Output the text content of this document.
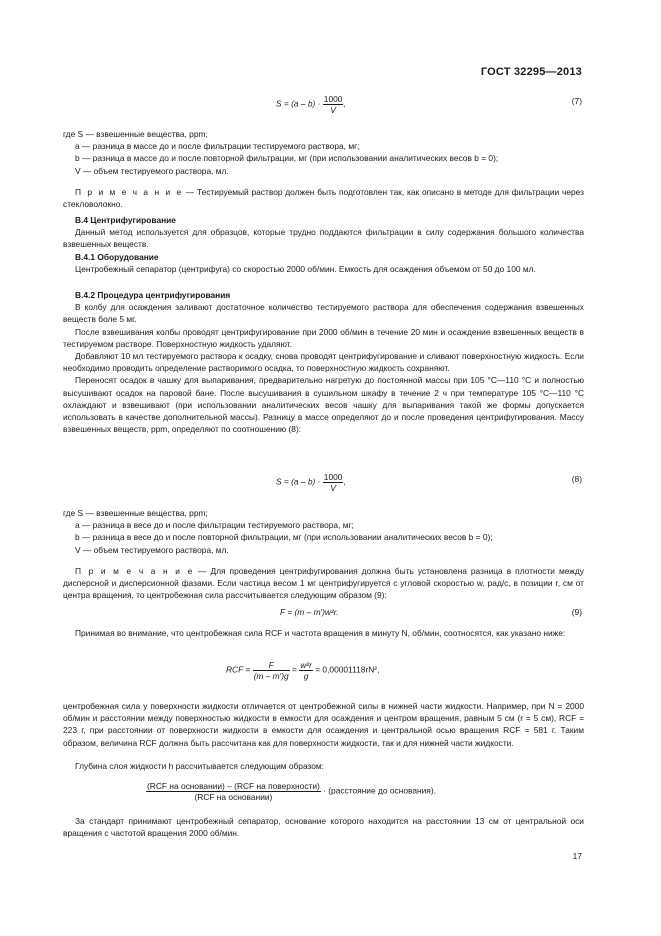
ГОСТ 32295—2013
$S = (a - b) \cdot \frac{1000}{V}$ ,	(7)
где S — взвешенные вещества, ppm;
a — разница в массе до и после фильтрации тестируемого раствора, мг;
b — разница в массе до и после повторной фильтрации, мг (при использовании аналитических весов b = 0);
V — объем тестируемого раствора, мл.
П р и м е ч а н и е — Тестируемый раствор должен быть подготовлен так, как описано в методе для фильтрации через стекловолокно.
В.4 Центрифугирование
Данный метод используется для образцов, которые трудно поддаются фильтрации в силу содержания большого количества взвешенных веществ.
В.4.1 Оборудование
Центробежный сепаратор (центрифуга) со скоростью 2000 об/мин. Емкость для осаждения объемом от 50 до 100 мл.
В.4.2 Процедура центрифугирования
В колбу для осаждения заливают достаточное количество тестируемого раствора для обеспечения содержания взвешенных веществ боле 5 мг.
После взвешивания колбы проводят центрифугирование при 2000 об/мин в течение 20 мин и осаждение взвешенных веществ в тестируемом растворе. Поверхностную жидкость удаляют.
Добавляют 10 мл тестируемого раствора к осадку, снова проводят центрифугирование и сливают поверхностную жидкость. Если необходимо проводить определение растворимого осадка, то поверхностную жидкость сохраняют.
Переносят осадок в чашку для выпаривания, предварительно нагретую до постоянной массы при 105 °С—110 °С и полностью высушивают осадок на паровой бане. После высушивания в сушильном шкафу в течение 2 ч при температуре 105 °С—110 °С охлаждают и взвешивают (при использовании аналитических весов чашку для выпаривания такой же формы допускается использовать в качестве дополнительной массы). Разницу в массе определяют до и после проведения центрифугирования. Массу взвешенных веществ, ppm, определяют по соотношению (8):
$S = (a - b) \cdot \frac{1000}{V}$ ,	(8)
где S — взвешенные вещества, ppm;
a — разница в весе до и после фильтрации тестируемого раствора, мг;
b — разница в весе до и после повторной фильтрации, мг (при использовании аналитических весов b = 0);
V — объем тестируемого раствора, мл.
П р и м е ч а н и е — Для проведения центрифугирования должна быть установлена разница в плотности между дисперсной и дисперсионной фазами. Если частица весом 1 мг центрифугируется с угловой скоростью w, рад/с, в позиции r, см от центра вращения, то центробежная сила рассчитывается следующим образом (9):
F = (m – m′)w²r.	(9)
Принимая во внимание, что центробежная сила RCF и частота вращения в минуту N, об/мин, соотносятся, как указано ниже:
RCF = $\frac{F}{(m - m')g} = \frac{\text{w²r}}{g} = 0,00001118rN^2$,
центробежная сила у поверхности жидкости отличается от центробежной силы в нижней части жидкости. Например, при N = 2000 об/мин и расстоянии между поверхностью жидкости в емкости для осаждения и центром вращения, равным 5 см (r = 5 см), RCF = 223 г, при расстоянии от поверхности жидкости в емкости для осаждения и центральной осью вращения RCF = 581 г. Таким образом, величина RCF должна быть рассчитана как для поверхности жидкости, так и для нижней части жидкости.
Глубина слоя жидкости h рассчитывается следующим образом:
$\frac{\text{(RCF на основании) – (RCF на поверхности)}}{\text{(RCF на основании)}}$ · (расстояние до основания).
За стандарт принимают центробежный сепаратор, основание которого находится на расстоянии 13 см от центральной оси вращения с частотой вращения 2000 об/мин.
17
